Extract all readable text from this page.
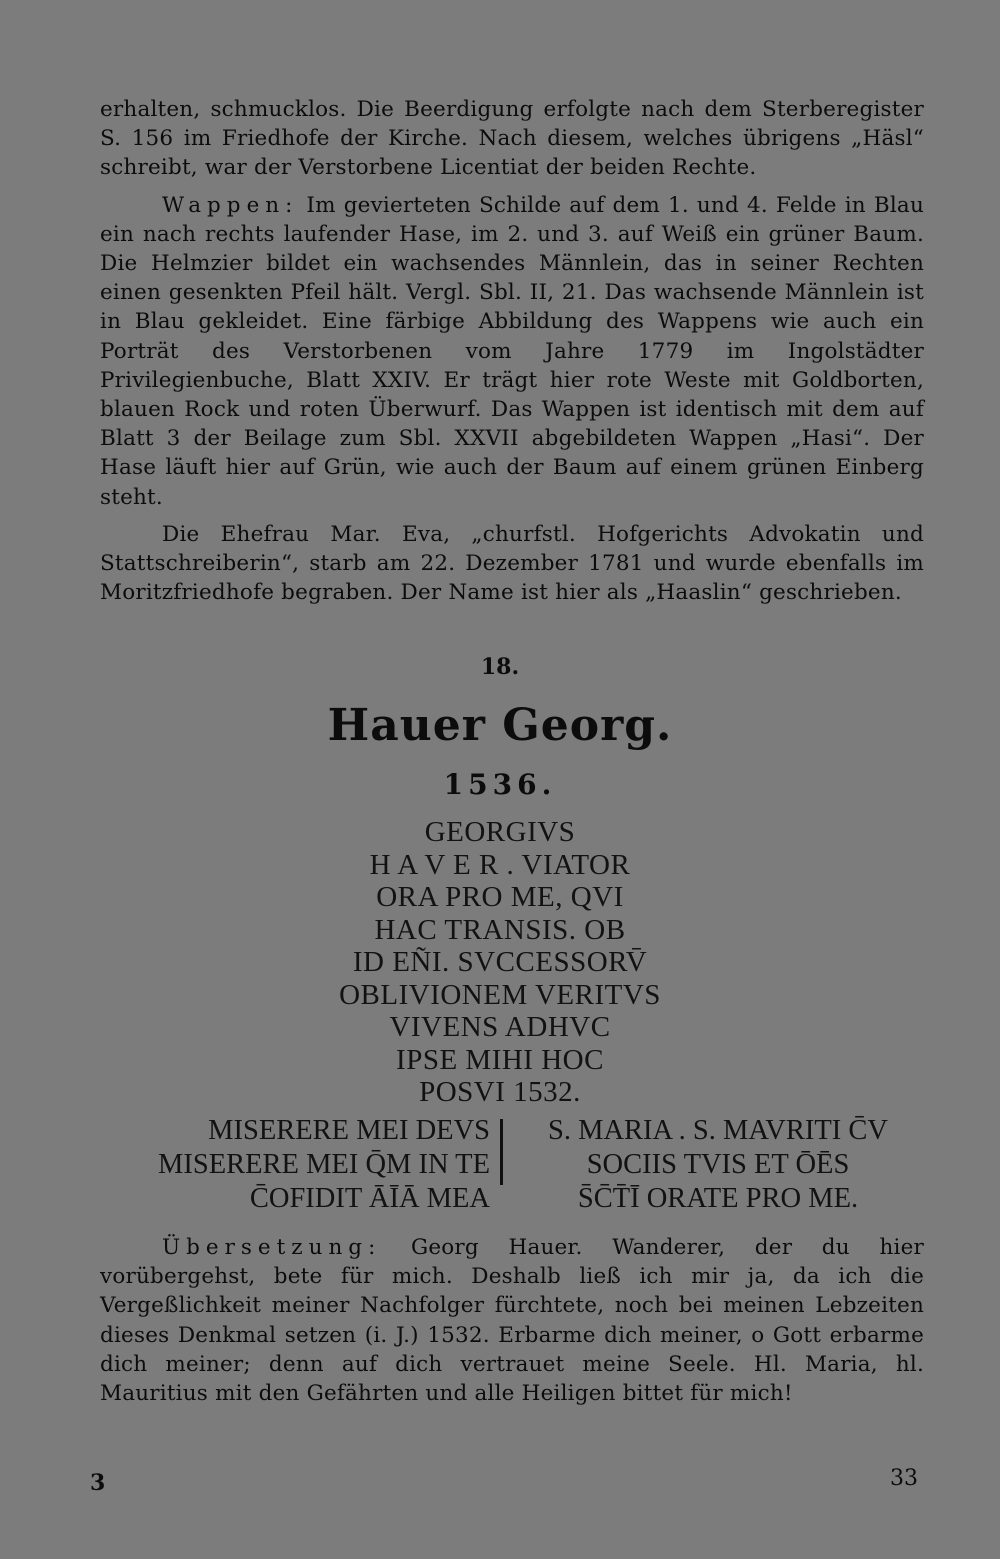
erhalten, schmucklos. Die Beerdigung erfolgte nach dem Sterberegister S. 156 im Friedhofe der Kirche. Nach diesem, welches übrigens „Häsl“ schreibt, war der Verstorbene Licentiat der beiden Rechte.

Wappen: Im gevierteten Schilde auf dem 1. und 4. Felde in Blau ein nach rechts laufender Hase, im 2. und 3. auf Weiß ein grüner Baum. Die Helmzier bildet ein wachsendes Männlein, das in seiner Rechten einen gesenkten Pfeil hält. Vergl. Sbl. II, 21. Das wachsende Männlein ist in Blau gekleidet. Eine färbige Abbildung des Wappens wie auch ein Porträt des Verstorbenen vom Jahre 1779 im Ingolstädter Privilegienbuche, Blatt XXIV. Er trägt hier rote Weste mit Goldborten, blauen Rock und roten Überwurf. Das Wappen ist identisch mit dem auf Blatt 3 der Beilage zum Sbl. XXVII abgebildeten Wappen „Hasi“. Der Hase läuft hier auf Grün, wie auch der Baum auf einem grünen Einberg steht.

Die Ehefrau Mar. Eva, „churfstl. Hofgerichts Advokatin und Stattschreiberin“, starb am 22. Dezember 1781 und wurde ebenfalls im Moritzfriedhofe begraben. Der Name ist hier als „Haaslin“ geschrieben.

18.
Hauer Georg.
1536.
GEORGIVS
H A V E R . VIATOR
ORA PRO ME, QVI
HAC TRANSIS. OB
ID EÑI. SVCCESSORV̄
OBLIVIONEM VERITVS
VIVENS ADHVC
IPSE MIHI HOC
POSVI 1532.
MISERERE MEI DEVS
MISERERE MEI Q̄M IN TE
C̄OFIDIT ĀĪĀ MEA
S. MARIA . S. MAVRITI C̄V
SOCIIS TVIS ET ŌĒS
S̄C̄T̄Ī ORATE PRO ME.

Übersetzung: Georg Hauer. Wanderer, der du hier vorübergehst, bete für mich. Deshalb ließ ich mir ja, da ich die Vergeßlichkeit meiner Nachfolger fürchtete, noch bei meinen Lebzeiten dieses Denkmal setzen (i. J.) 1532. Erbarme dich meiner, o Gott erbarme dich meiner; denn auf dich vertrauet meine Seele. Hl. Maria, hl. Mauritius mit den Gefährten und alle Heiligen bittet für mich!

3	33
